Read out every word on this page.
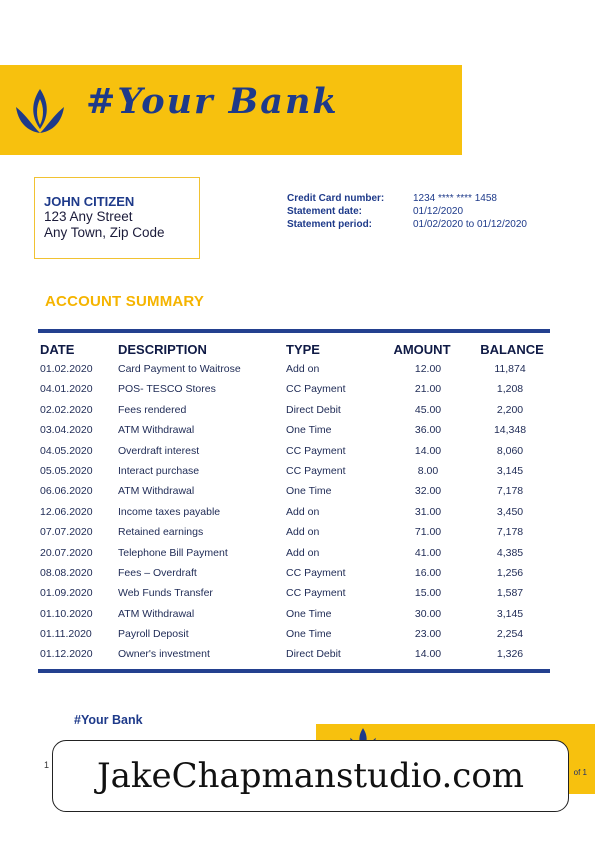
#Your Bank
JOHN CITIZEN
123 Any Street
Any Town, Zip Code
Credit Card number:	1234 **** **** 1458
Statement date:	01/12/2020
Statement period:	01/02/2020 to 01/12/2020
ACCOUNT SUMMARY
DATE	DESCRIPTION	TYPE	AMOUNT	BALANCE
01.02.2020 Card Payment to Waitrose	Add on	12.00	11,874
04.01.2020 POS- TESCO Stores	CC Payment	21.00	1,208
02.02.2020 Fees rendered	Direct Debit	45.00	2,200
03.04.2020 ATM Withdrawal	One Time	36.00	14,348
04.05.2020 Overdraft interest	CC Payment	14.00	8,060
05.05.2020 Interact purchase	CC Payment	8.00	3,145
06.06.2020 ATM Withdrawal	One Time	32.00	7,178
12.06.2020 Income taxes payable	Add on	31.00	3,450
07.07.2020 Retained earnings	Add on	71.00	7,178
20.07.2020 Telephone Bill Payment	Add on	41.00	4,385
08.08.2020 Fees – Overdraft	CC Payment	16.00	1,256
01.09.2020 Web Funds Transfer	CC Payment	15.00	1,587
01.10.2020 ATM Withdrawal	One Time	30.00	3,145
01.11.2020 Payroll Deposit	One Time	23.00	2,254
01.12.2020 Owner's investment	Direct Debit	14.00	1,326
#Your Bank
1
of 1
JakeChapmanstudio.com
